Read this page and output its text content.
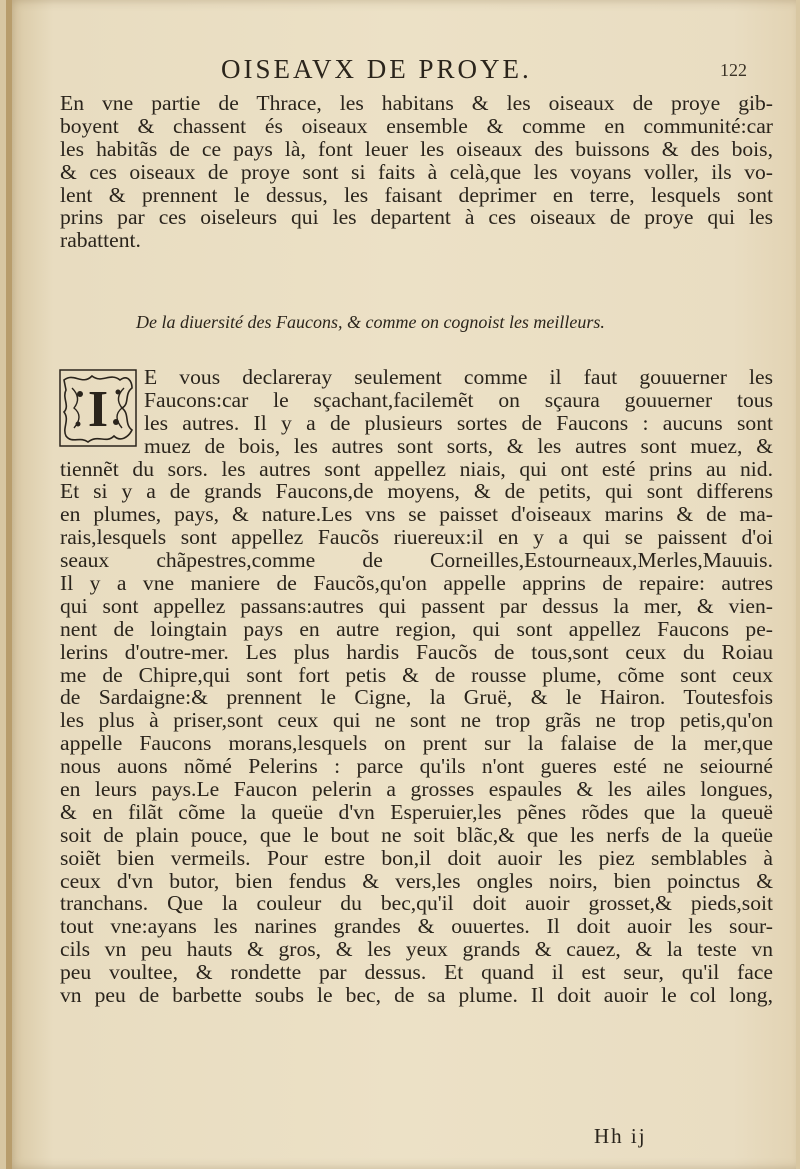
OISEAVX DE PROYE.	122
En vne partie de Thrace, les habitans & les oiseaux de proye gib-
boyent & chassent és oiseaux ensemble & comme en communité:car
les habitãs de ce pays là, font leuer les oiseaux des buissons & des bois,
& ces oiseaux de proye sont si faits à celà,que les voyans voller, ils vo-
lent & prennent le dessus, les faisant deprimer en terre, lesquels sont
prins par ces oiseleurs qui les departent à ces oiseaux de proye qui les
rabattent.
De la diuersité des Faucons, & comme on cognoist les meilleurs.
I
E vous declareray seulement comme il faut gouuerner les
Faucons:car le sçachant,facilemẽt on sçaura gouuerner tous
les autres. Il y a de plusieurs sortes de Faucons : aucuns sont
muez de bois, les autres sont sorts, & les autres sont muez, &
tiennẽt du sors. les autres sont appellez niais, qui ont esté prins au nid.
Et si y a de grands Faucons,de moyens, & de petits, qui sont differens
en plumes, pays, & nature.Les vns se paisset d'oiseaux marins & de ma-
rais,lesquels sont appellez Faucõs riuereux:il en y a qui se paissent d'oi
seaux chãpestres,comme de Corneilles,Estourneaux,Merles,Mauuis.
Il y a vne maniere de Faucõs,qu'on appelle apprins de repaire: autres
qui sont appellez passans:autres qui passent par dessus la mer, & vien-
nent de loingtain pays en autre region, qui sont appellez Faucons pe-
lerins d'outre-mer. Les plus hardis Faucõs de tous,sont ceux du Roiau
me de Chipre,qui sont fort petis & de rousse plume, cõme sont ceux
de Sardaigne:& prennent le Cigne, la Gruë, & le Hairon. Toutesfois
les plus à priser,sont ceux qui ne sont ne trop grãs ne trop petis,qu'on
appelle Faucons morans,lesquels on prent sur la falaise de la mer,que
nous auons nõmé Pelerins : parce qu'ils n'ont gueres esté ne seiourné
en leurs pays.Le Faucon pelerin a grosses espaules & les ailes longues,
& en filãt cõme la queüe d'vn Esperuier,les pẽnes rõdes que la queuë
soit de plain pouce, que le bout ne soit blãc,& que les nerfs de la queüe
soiẽt bien vermeils. Pour estre bon,il doit auoir les piez semblables à
ceux d'vn butor, bien fendus & vers,les ongles noirs, bien poinctus &
tranchans. Que la couleur du bec,qu'il doit auoir grosset,& pieds,soit
tout vne:ayans les narines grandes & ouuertes. Il doit auoir les sour-
cils vn peu hauts & gros, & les yeux grands & cauez, & la teste vn
peu voultee, & rondette par dessus. Et quand il est seur, qu'il face
vn peu de barbette soubs le bec, de sa plume. Il doit auoir le col long,
Hh ij
